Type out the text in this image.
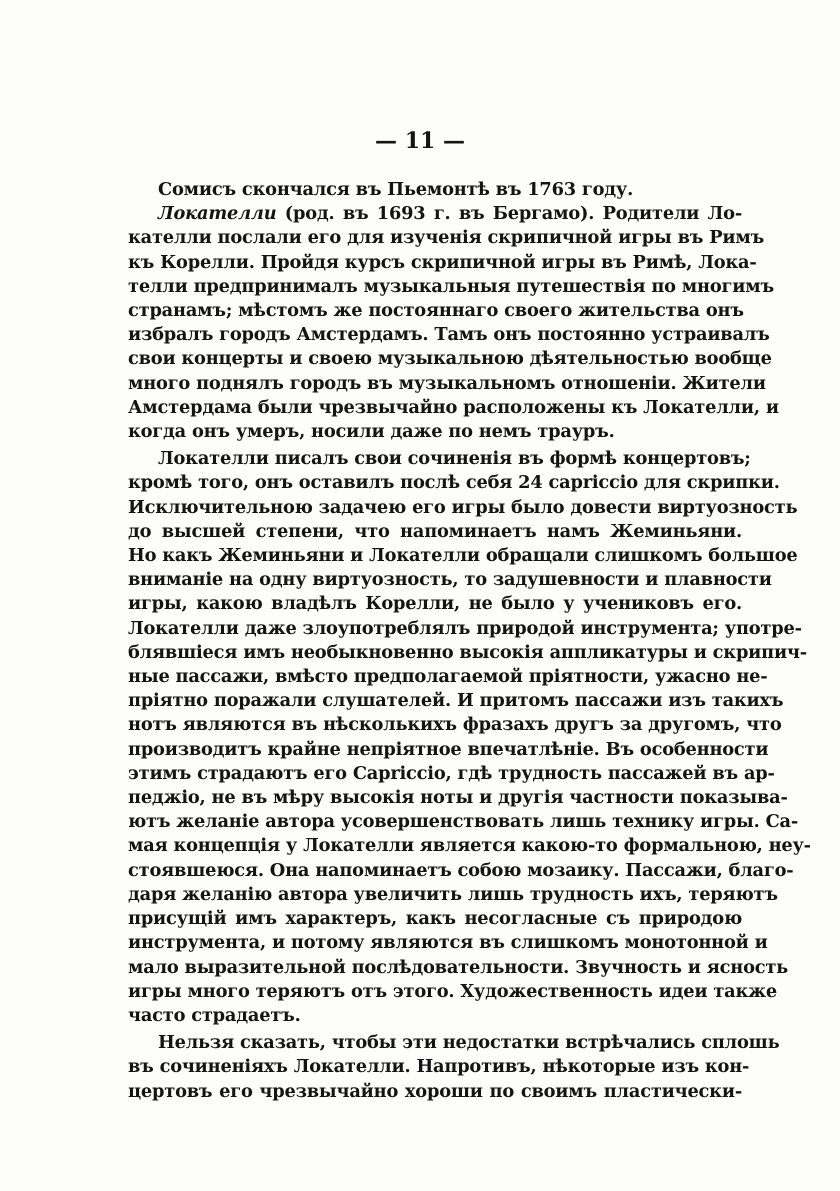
— 11 —
Сомисъ скончался въ Пьемонтѣ въ 1763 году.
Локателли (род. въ 1693 г. въ Бергамо). Родители Ло-
кателли послали его для изученія скрипичной игры въ Римъ
къ Корелли. Пройдя курсъ скрипичной игры въ Римѣ, Лока-
телли предпринималъ музыкальныя путешествія по многимъ
странамъ; мѣстомъ же постояннаго своего жительства онъ
избралъ городъ Амстердамъ. Тамъ онъ постоянно устраивалъ
свои концерты и своею музыкальною дѣятельностью вообще
много поднялъ городъ въ музыкальномъ отношеніи. Жители
Амстердама были чрезвычайно расположены къ Локателли, и
когда онъ умеръ, носили даже по немъ трауръ.
Локателли писалъ свои сочиненія въ формѣ концертовъ;
кромѣ того, онъ оставилъ послѣ себя 24 capriccio для скрипки.
Исключительною задачею его игры было довести виртуозность
до высшей степени, что напоминаетъ намъ Жеминьяни.
Но какъ Жеминьяни и Локателли обращали слишкомъ большое
вниманіе на одну виртуозность, то задушевности и плавности
игры, какою владѣлъ Корелли, не было у учениковъ его.
Локателли даже злоупотреблялъ природой инструмента; употре-
блявшіеся имъ необыкновенно высокія аппликатуры и скрипич-
ные пассажи, вмѣсто предполагаемой пріятности, ужасно не-
пріятно поражали слушателей. И притомъ пассажи изъ такихъ
нотъ являются въ нѣсколькихъ фразахъ другъ за другомъ, что
производитъ крайне непріятное впечатлѣніе. Въ особенности
этимъ страдаютъ его Capriccio, гдѣ трудность пассажей въ ар-
педжіо, не въ мѣру высокія ноты и другія частности показыва-
ютъ желаніе автора усовершенствовать лишь технику игры. Са-
мая концепція у Локателли является какою-то формальною, неу-
стоявшеюся. Она напоминаетъ собою мозаику. Пассажи, благо-
даря желанію автора увеличить лишь трудность ихъ, теряютъ
присущій имъ характеръ, какъ несогласные съ природою
инструмента, и потому являются въ слишкомъ монотонной и
мало выразительной послѣдовательности. Звучность и ясность
игры много теряютъ отъ этого. Художественность идеи также
часто страдаетъ.
Нельзя сказать, чтобы эти недостатки встрѣчались сплошь
въ сочиненіяхъ Локателли. Напротивъ, нѣкоторые изъ кон-
цертовъ его чрезвычайно хороши по своимъ пластически-
